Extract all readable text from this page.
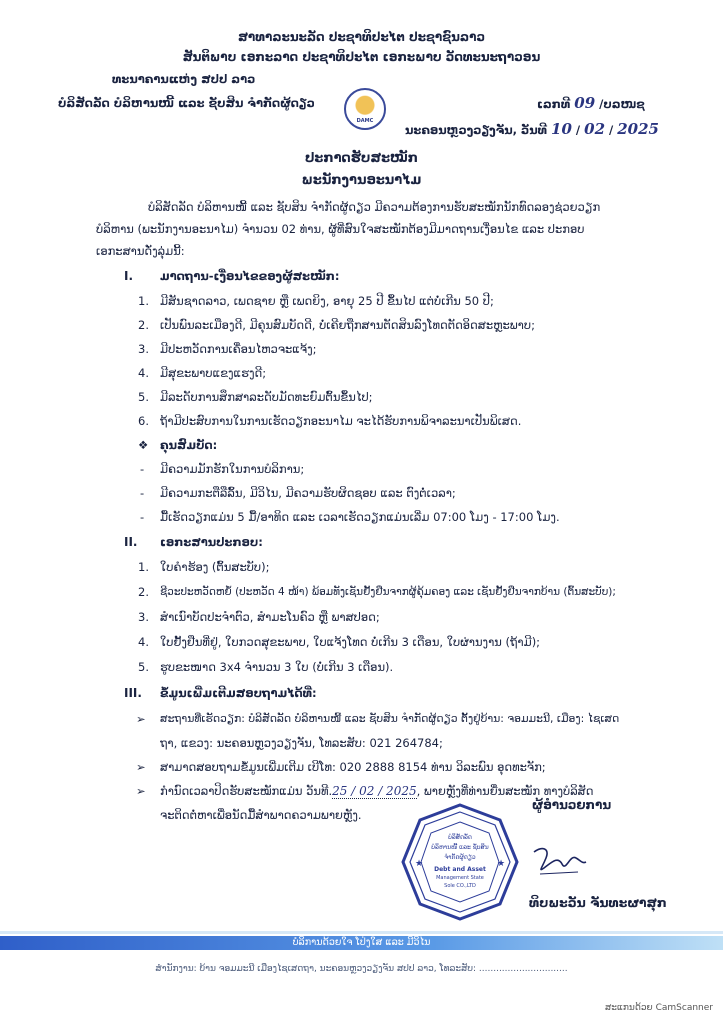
ສາທາລະນະລັດ ປະຊາທິປະໄຕ ປະຊາຊົນລາວ
ສັນຕິພາບ ເອກະລາດ ປະຊາທິປະໄຕ ເອກະພາບ ວັດທະນະຖາວອນ
ທະນາຄານແຫ່ງ ສປປ ລາວ
ບໍລິສັດລັດ ບໍລິຫານໜີ້ ແລະ ຊັບສິນ ຈໍາກັດຜູ້ດຽວ
DAMC
ເລກທີ 09 /ບລໜຊ
ນະຄອນຫຼວງວຽງຈັນ, ວັນທີ 10 / 02 / 2025
ປະກາດຮັບສະໝັກ
ພະນັກງານອະນາໄມ
ບໍລິສັດລັດ ບໍລິຫານໜີ້ ແລະ ຊັບສິນ ຈໍາກັດຜູ້ດຽວ ມີຄວາມຕ້ອງການຮັບສະໝັກນັກທົດລອງຊ່ວຍວຽກ
ບໍລິຫານ (ພະນັກງານອະນາໄມ) ຈໍານວນ 02 ທ່ານ, ຜູ້ທີ່ສົນໃຈສະໝັກຕ້ອງມີມາດຖານເງື່ອນໄຂ ແລະ ປະກອບ
ເອກະສານດັ່ງລຸ່ມນີ້:
I. ມາດຖານ-ເງື່ອນໄຂຂອງຜູ້ສະໝັກ:
1. ມີສັນຊາດລາວ, ເພດຊາຍ ຫຼື ເພດຍິງ, ອາຍຸ 25 ປີ ຂຶ້ນໄປ ແຕ່ບໍ່ເກີນ 50 ປີ;
2. ເປັນພົນລະເມືອງດີ, ມີຄຸນສົມບັດດີ, ບໍ່ເຄີຍຖືກສານຕັດສິນລົງໂທດຕັດອິດສະຫຼະພາບ;
3. ມີປະຫວັດການເຄື່ອນໄຫວຈະແຈ້ງ;
4. ມີສຸຂະພາບແຂງແຮງດີ;
5. ມີລະດັບການສຶກສາລະດັບມັດທະຍົມຕົ້ນຂຶ້ນໄປ;
6. ຖ້າມີປະສົບການໃນການເຮັດວຽກອະນາໄມ ຈະໄດ້ຮັບການພິຈາລະນາເປັນພິເສດ.
❖ ຄຸນສົມບັດ:
- ມີຄວາມມັກຮັກໃນການບໍລິການ;
- ມີຄວາມກະຕືລືລົ້ນ, ມີວິໄນ, ມີຄວາມຮັບຜິດຊອບ ແລະ ຕົງຕໍ່ເວລາ;
- ມື້ເຮັດວຽກແມ່ນ 5 ມື້/ອາທິດ ແລະ ເວລາເຮັດວຽກແມ່ນເລີ່ມ 07:00 ໂມງ - 17:00 ໂມງ.
II. ເອກະສານປະກອບ:
1. ໃບຄໍາຮ້ອງ (ຕົ້ນສະບັບ);
2. ຊີວະປະຫວັດຫຍໍ້ (ປະຫວັດ 4 ໜ້າ) ພ້ອມທັງເຊັນຢັ້ງຢືນຈາກຜູ້ຄຸ້ມຄອງ ແລະ ເຊັນຢັ້ງຢືນຈາກບ້ານ (ຕົ້ນສະບັບ);
3. ສໍາເນົາບັດປະຈໍາຕົວ, ສໍາມະໂນຄົວ ຫຼື ພາສປອດ;
4. ໃບຢັ້ງຢືນທີ່ຢູ່, ໃບກວດສຸຂະພາບ, ໃບແຈ້ງໂທດ ບໍ່ເກີນ 3 ເດືອນ, ໃບຜ່ານງານ (ຖ້າມີ);
5. ຮູບຂະໜາດ 3x4 ຈໍານວນ 3 ໃບ (ບໍ່ເກີນ 3 ເດືອນ).
III. ຂໍ້ມູນເພີ່ມເຕີມສອບຖາມໄດ້ທີ່:
➢ ສະຖານທີ່ເຮັດວຽກ: ບໍລິສັດລັດ ບໍລິຫານໜີ້ ແລະ ຊັບສິນ ຈໍາກັດຜູ້ດຽວ ຕັ້ງຢູ່ບ້ານ: ຈອມມະນີ, ເມືອງ: ໄຊເສດ
ຖາ, ແຂວງ: ນະຄອນຫຼວງວຽງຈັນ, ໂທລະສັບ: 021 264784;
➢ ສາມາດສອບຖາມຂໍ້ມູນເພີ່ມເຕີມ ເບີໂທ: 020 2888 8154 ທ່ານ ວິລະພົນ ອຸດທະຈັກ;
➢ ກໍານົດເວລາປິດຮັບສະໝັກແມ່ນ ວັນທີ.25 / 02 / 2025, ພາຍຫຼັງທີ່ທ່ານຍື່ນສະໝັກ ທາງບໍລິສັດ
ຈະຕິດຕໍ່ຫາເພື່ອນັດມື້ສໍາພາດຄວາມພາຍຫຼັງ.
ຜູ້ອໍານວຍການ
ບໍລິສັດລັດ
ບໍລິຫານໜີ້ ແລະ ຊັບສິນ
ຈໍາກັດຜູ້ດຽວ
Debt and Asset
Management State
Sole CO.,LTD
★	★
ທິບພະວັນ ຈັນທະຜາສຸກ
ບໍລິການດ້ວຍໃຈ ໂປ່ງໃສ ແລະ ມີວິໄນ
ສໍານັກງານ: ບ້ານ ຈອມມະນີ ເມືອງໄຊເສດຖາ, ນະຄອນຫຼວງວຽງຈັນ ສປປ ລາວ, ໂທລະສັບ: ...............................
ສະແກນດ້ວຍ CamScanner
